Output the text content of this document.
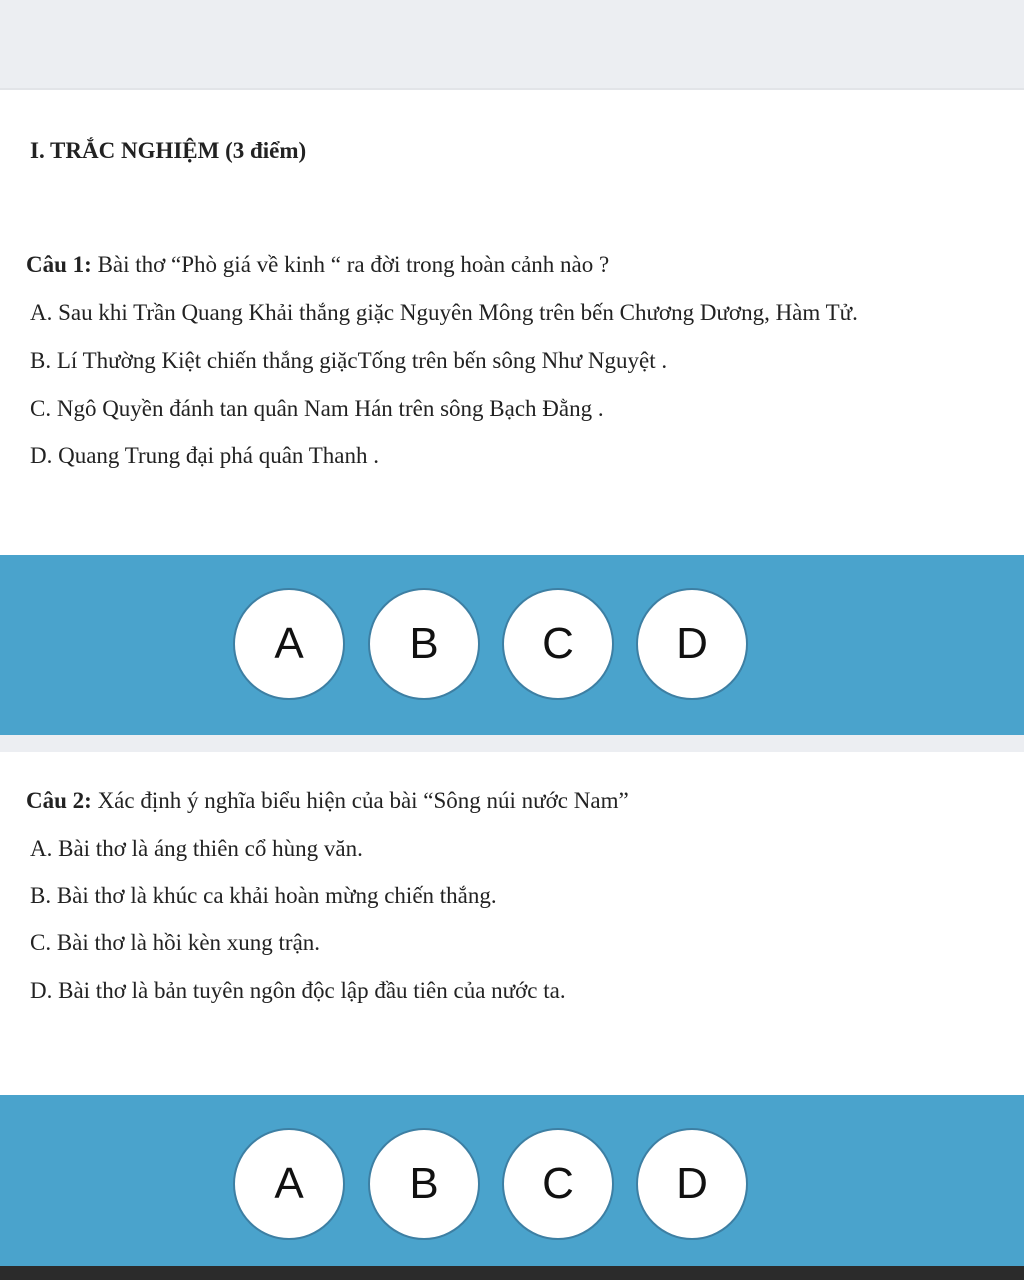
I. TRẮC NGHIỆM (3 điểm)
Câu 1: Bài thơ “Phò giá về kinh “ ra đời trong hoàn cảnh nào ?
A. Sau khi Trần Quang Khải thắng giặc Nguyên Mông trên bến Chương Dương, Hàm Tử.
B. Lí Thường Kiệt chiến thắng giặcTống trên bến sông Như Nguyệt .
C. Ngô Quyền đánh tan quân Nam Hán trên sông Bạch Đằng .
D. Quang Trung đại phá quân Thanh .
A	B	C	D
Câu 2: Xác định ý nghĩa biểu hiện của bài “Sông núi nước Nam”
A. Bài thơ là áng thiên cổ hùng văn.
B. Bài thơ là khúc ca khải hoàn mừng chiến thắng.
C. Bài thơ là hồi kèn xung trận.
D. Bài thơ là bản tuyên ngôn độc lập đầu tiên của nước ta.
A	B	C	D
